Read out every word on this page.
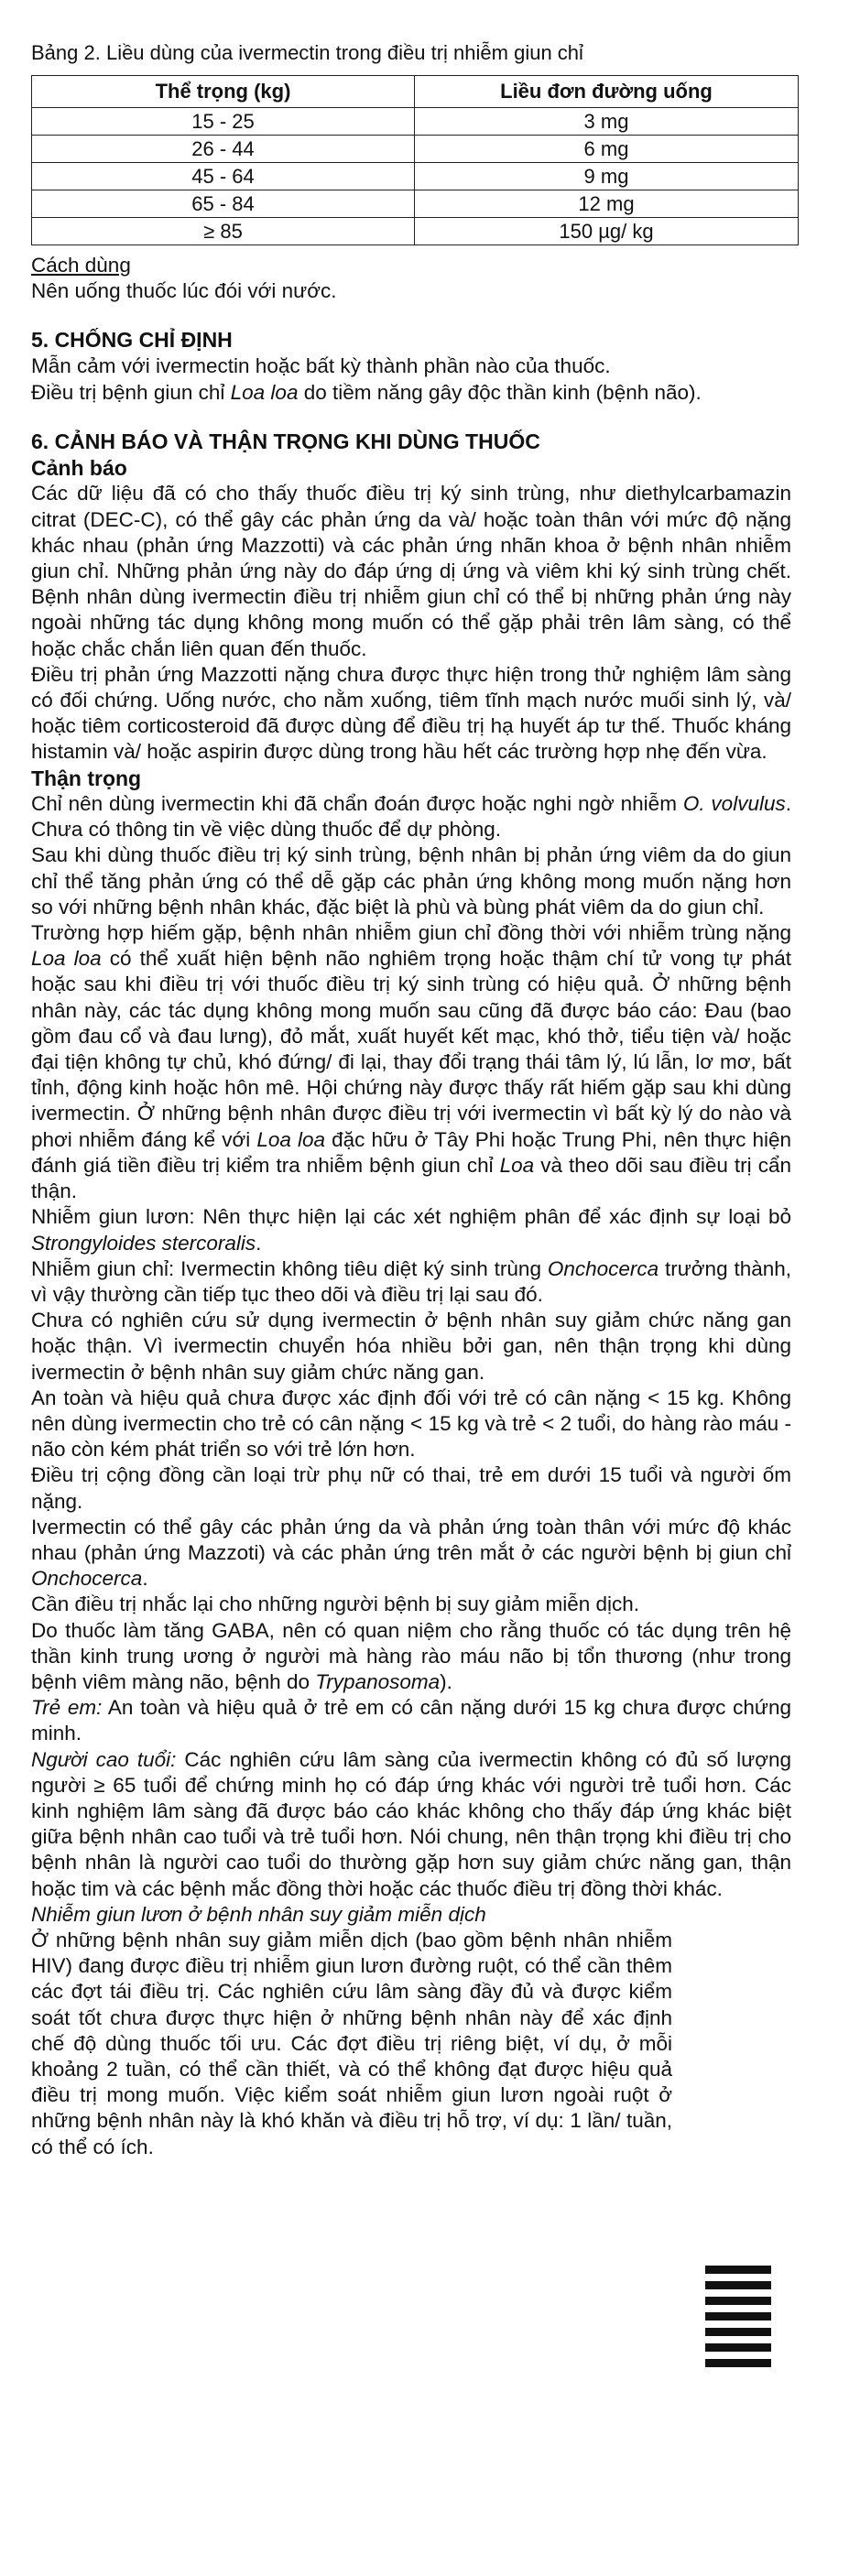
Bảng 2. Liều dùng của ivermectin trong điều trị nhiễm giun chỉ

Thể trọng (kg)	Liều đơn đường uống
15 - 25	3 mg
26 - 44	6 mg
45 - 64	9 mg
65 - 84	12 mg
≥ 85	150 µg/ kg

Cách dùng

Nên uống thuốc lúc đói với nước.

5. CHỐNG CHỈ ĐỊNH

Mẫn cảm với ivermectin hoặc bất kỳ thành phần nào của thuốc.

Điều trị bệnh giun chỉ Loa loa do tiềm năng gây độc thần kinh (bệnh não).

6. CẢNH BÁO VÀ THẬN TRỌNG KHI DÙNG THUỐC

Cảnh báo

Các dữ liệu đã có cho thấy thuốc điều trị ký sinh trùng, như diethylcarbamazin citrat (DEC-C), có thể gây các phản ứng da và/ hoặc toàn thân với mức độ nặng khác nhau (phản ứng Mazzotti) và các phản ứng nhãn khoa ở bệnh nhân nhiễm giun chỉ. Những phản ứng này do đáp ứng dị ứng và viêm khi ký sinh trùng chết. Bệnh nhân dùng ivermectin điều trị nhiễm giun chỉ có thể bị những phản ứng này ngoài những tác dụng không mong muốn có thể gặp phải trên lâm sàng, có thể hoặc chắc chắn liên quan đến thuốc.

Điều trị phản ứng Mazzotti nặng chưa được thực hiện trong thử nghiệm lâm sàng có đối chứng. Uống nước, cho nằm xuống, tiêm tĩnh mạch nước muối sinh lý, và/ hoặc tiêm corticosteroid đã được dùng để điều trị hạ huyết áp tư thế. Thuốc kháng histamin và/ hoặc aspirin được dùng trong hầu hết các trường hợp nhẹ đến vừa.

Thận trọng

Chỉ nên dùng ivermectin khi đã chẩn đoán được hoặc nghi ngờ nhiễm O. volvulus. Chưa có thông tin về việc dùng thuốc để dự phòng.

Sau khi dùng thuốc điều trị ký sinh trùng, bệnh nhân bị phản ứng viêm da do giun chỉ thể tăng phản ứng có thể dễ gặp các phản ứng không mong muốn nặng hơn so với những bệnh nhân khác, đặc biệt là phù và bùng phát viêm da do giun chỉ.

Trường hợp hiếm gặp, bệnh nhân nhiễm giun chỉ đồng thời với nhiễm trùng nặng Loa loa có thể xuất hiện bệnh não nghiêm trọng hoặc thậm chí tử vong tự phát hoặc sau khi điều trị với thuốc điều trị ký sinh trùng có hiệu quả. Ở những bệnh nhân này, các tác dụng không mong muốn sau cũng đã được báo cáo: Đau (bao gồm đau cổ và đau lưng), đỏ mắt, xuất huyết kết mạc, khó thở, tiểu tiện và/ hoặc đại tiện không tự chủ, khó đứng/ đi lại, thay đổi trạng thái tâm lý, lú lẫn, lơ mơ, bất tỉnh, động kinh hoặc hôn mê. Hội chứng này được thấy rất hiếm gặp sau khi dùng ivermectin. Ở những bệnh nhân được điều trị với ivermectin vì bất kỳ lý do nào và phơi nhiễm đáng kể với Loa loa đặc hữu ở Tây Phi hoặc Trung Phi, nên thực hiện đánh giá tiền điều trị kiểm tra nhiễm bệnh giun chỉ Loa và theo dõi sau điều trị cẩn thận.

Nhiễm giun lươn: Nên thực hiện lại các xét nghiệm phân để xác định sự loại bỏ Strongyloides stercoralis.

Nhiễm giun chỉ: Ivermectin không tiêu diệt ký sinh trùng Onchocerca trưởng thành, vì vậy thường cần tiếp tục theo dõi và điều trị lại sau đó.

Chưa có nghiên cứu sử dụng ivermectin ở bệnh nhân suy giảm chức năng gan hoặc thận. Vì ivermectin chuyển hóa nhiều bởi gan, nên thận trọng khi dùng ivermectin ở bệnh nhân suy giảm chức năng gan.

An toàn và hiệu quả chưa được xác định đối với trẻ có cân nặng < 15 kg. Không nên dùng ivermectin cho trẻ có cân nặng < 15 kg và trẻ < 2 tuổi, do hàng rào máu - não còn kém phát triển so với trẻ lớn hơn.

Điều trị cộng đồng cần loại trừ phụ nữ có thai, trẻ em dưới 15 tuổi và người ốm nặng.

Ivermectin có thể gây các phản ứng da và phản ứng toàn thân với mức độ khác nhau (phản ứng Mazzoti) và các phản ứng trên mắt ở các người bệnh bị giun chỉ Onchocerca.

Cần điều trị nhắc lại cho những người bệnh bị suy giảm miễn dịch.

Do thuốc làm tăng GABA, nên có quan niệm cho rằng thuốc có tác dụng trên hệ thần kinh trung ương ở người mà hàng rào máu não bị tổn thương (như trong bệnh viêm màng não, bệnh do Trypanosoma).

Trẻ em: An toàn và hiệu quả ở trẻ em có cân nặng dưới 15 kg chưa được chứng minh.

Người cao tuổi: Các nghiên cứu lâm sàng của ivermectin không có đủ số lượng người ≥ 65 tuổi để chứng minh họ có đáp ứng khác với người trẻ tuổi hơn. Các kinh nghiệm lâm sàng đã được báo cáo khác không cho thấy đáp ứng khác biệt giữa bệnh nhân cao tuổi và trẻ tuổi hơn. Nói chung, nên thận trọng khi điều trị cho bệnh nhân là người cao tuổi do thường gặp hơn suy giảm chức năng gan, thận hoặc tim và các bệnh mắc đồng thời hoặc các thuốc điều trị đồng thời khác.

Nhiễm giun lươn ở bệnh nhân suy giảm miễn dịch

Ở những bệnh nhân suy giảm miễn dịch (bao gồm bệnh nhân nhiễm HIV) đang được điều trị nhiễm giun lươn đường ruột, có thể cần thêm các đợt tái điều trị. Các nghiên cứu lâm sàng đầy đủ và được kiểm soát tốt chưa được thực hiện ở những bệnh nhân này để xác định chế độ dùng thuốc tối ưu. Các đợt điều trị riêng biệt, ví dụ, ở mỗi khoảng 2 tuần, có thể cần thiết, và có thể không đạt được hiệu quả điều trị mong muốn. Việc kiểm soát nhiễm giun lươn ngoài ruột ở những bệnh nhân này là khó khăn và điều trị hỗ trợ, ví dụ: 1 lần/ tuần, có thể có ích.
